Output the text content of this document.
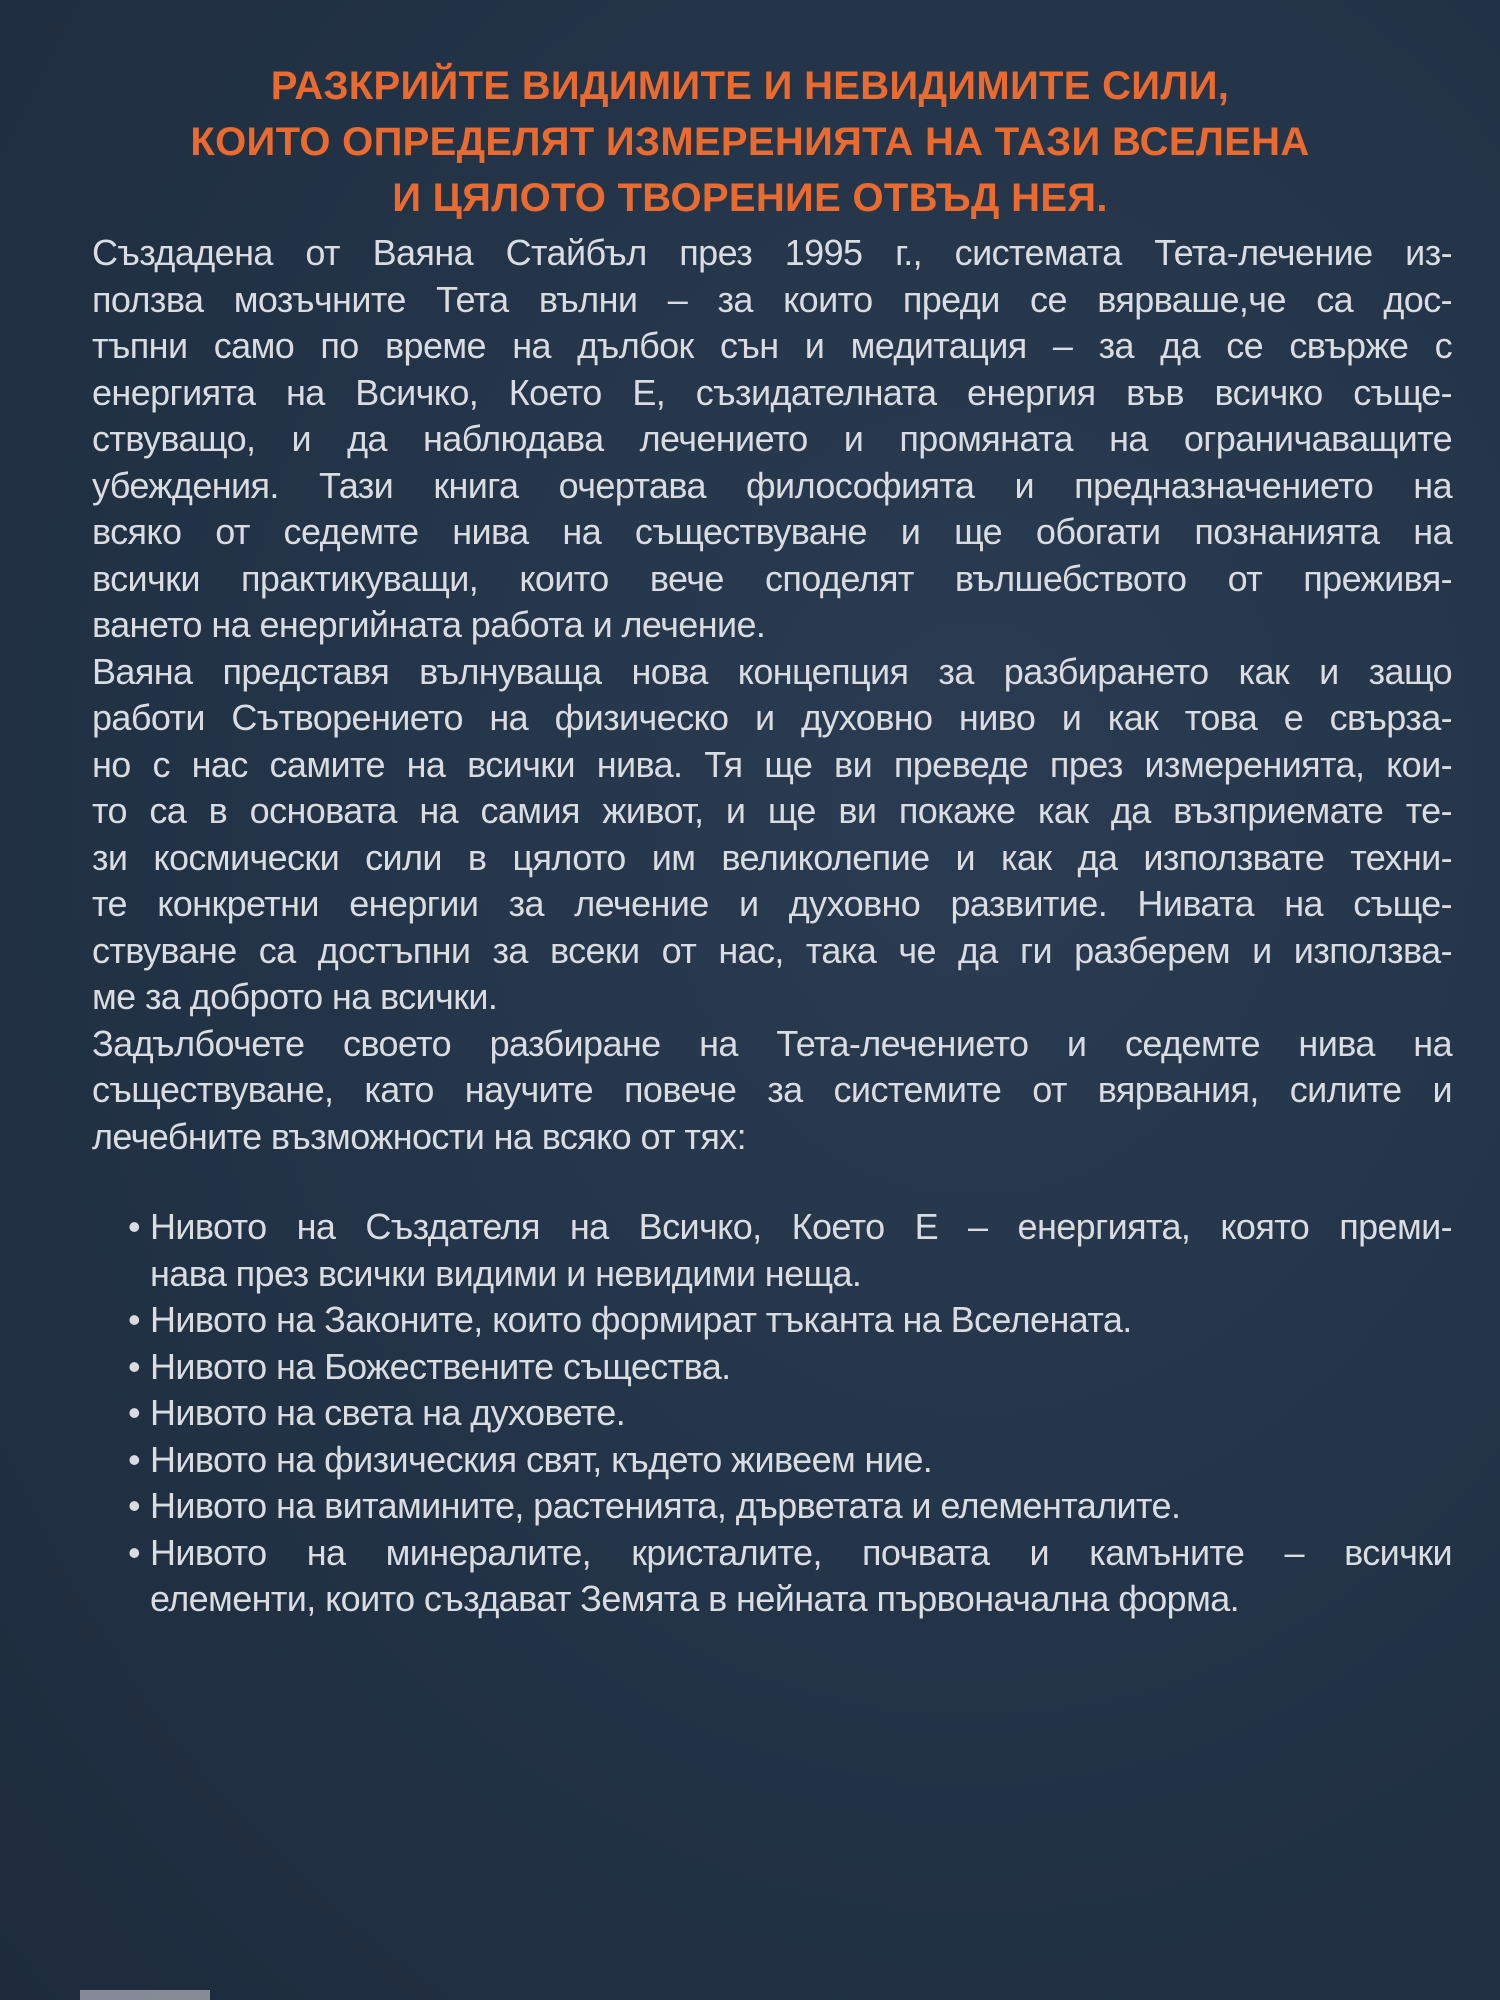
РАЗКРИЙТЕ ВИДИМИТЕ И НЕВИДИМИТЕ СИЛИ,
КОИТО ОПРЕДЕЛЯТ ИЗМЕРЕНИЯТА НА ТАЗИ ВСЕЛЕНА
И ЦЯЛОТО ТВОРЕНИЕ ОТВЪД НЕЯ.

Създадена от Ваяна Стайбъл през 1995 г., системата Тета-лечение из-
ползва мозъчните Тета вълни – за които преди се вярваше,че са дос-
тъпни само по време на дълбок сън и медитация – за да се свърже с
енергията на Всичко, Което Е, съзидателната енергия във всичко съще-
ствуващо, и да наблюдава лечението и промяната на ограничаващите
убеждения. Тази книга очертава философията и предназначението на
всяко от седемте нива на съществуване и ще обогати познанията на
всички практикуващи, които вече споделят вълшебството от преживя-
ването на енергийната работа и лечение.

Ваяна представя вълнуваща нова концепция за разбирането как и защо
работи Сътворението на физическо и духовно ниво и как това е свърза-
но с нас самите на всички нива. Тя ще ви преведе през измеренията, кои-
то са в основата на самия живот, и ще ви покаже как да възприемате те-
зи космически сили в цялото им великолепие и как да използвате техни-
те конкретни енергии за лечение и духовно развитие. Нивата на съще-
ствуване са достъпни за всеки от нас, така че да ги разберем и използва-
ме за доброто на всички.

Задълбочете своето разбиране на Тета-лечението и седемте нива на
съществуване, като научите повече за системите от вярвания, силите и
лечебните възможности на всяко от тях:

• Нивото на Създателя на Всичко, Което Е – енергията, която преми-
нава през всички видими и невидими неща.
• Нивото на Законите, които формират тъканта на Вселената.
• Нивото на Божествените същества.
• Нивото на света на духовете.
• Нивото на физическия свят, където живеем ние.
• Нивото на витамините, растенията, дърветата и елементалите.
• Нивото на минералите, кристалите, почвата и камъните – всички
елементи, които създават Земята в нейната първоначална форма.
